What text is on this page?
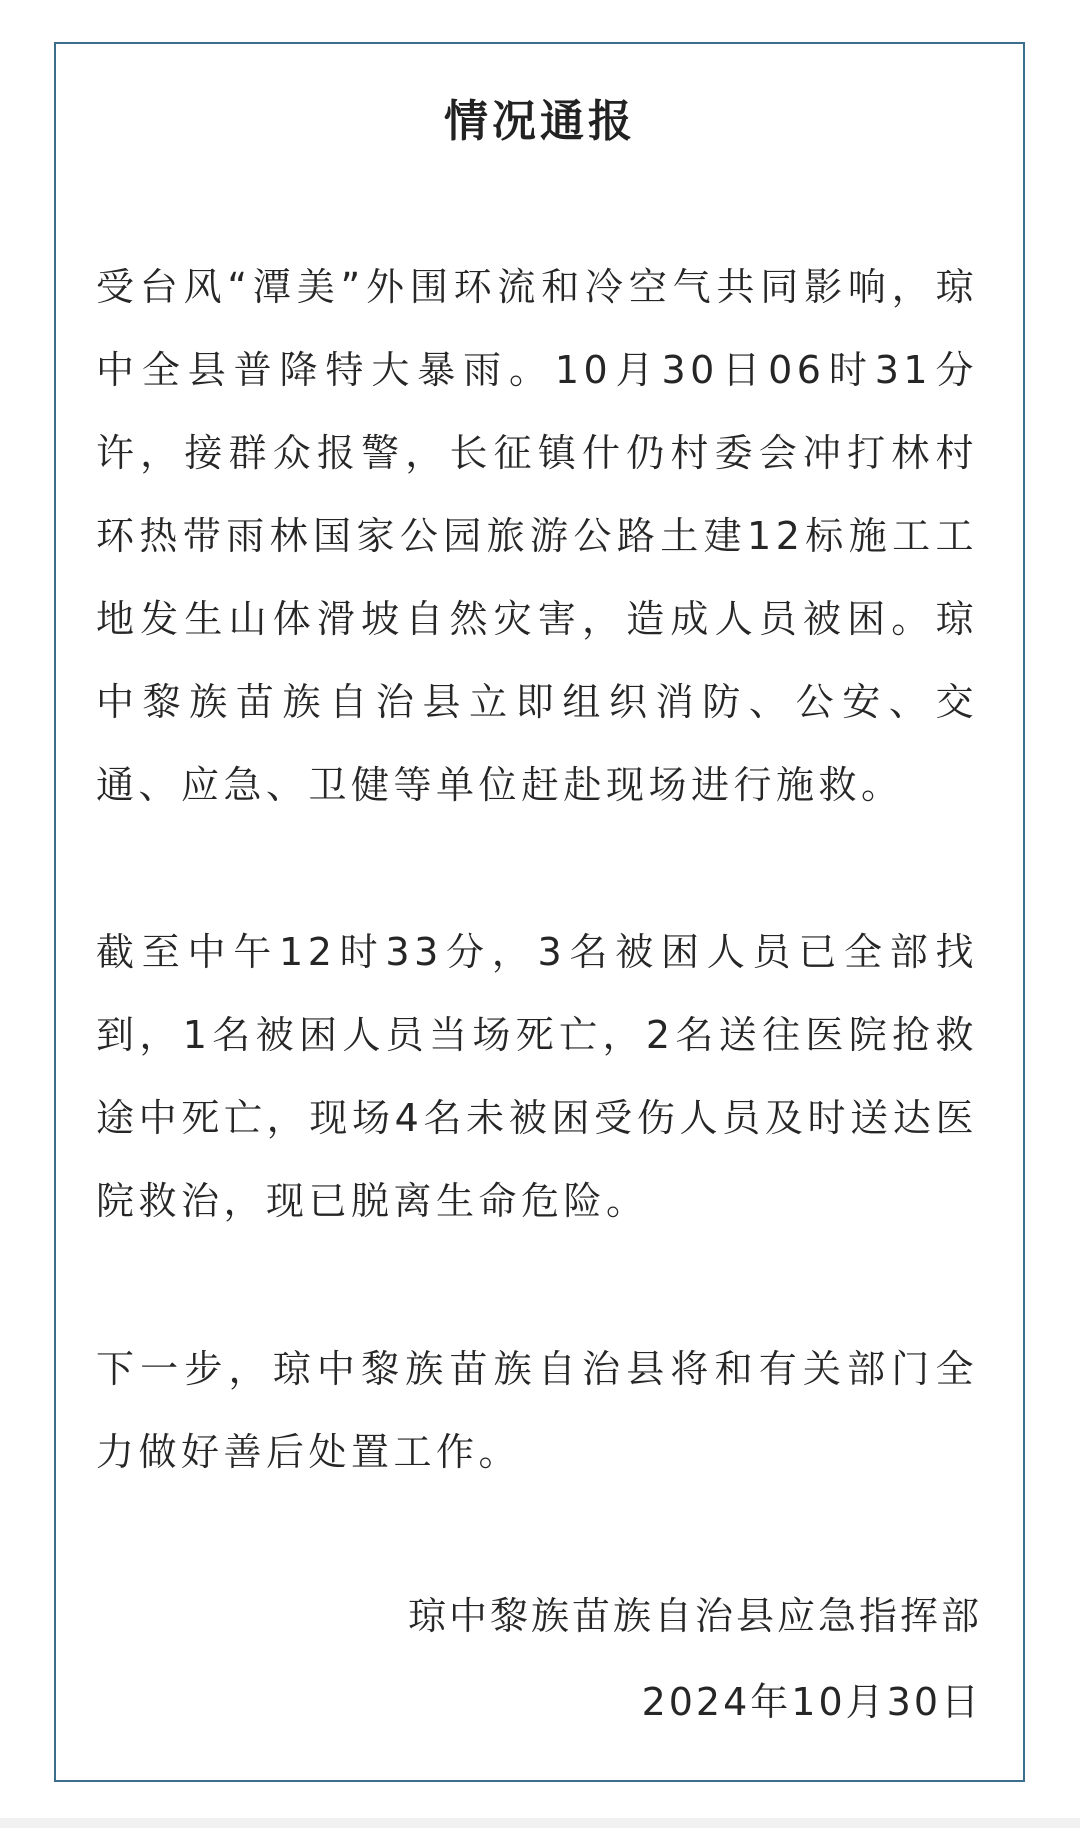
情况通报

受台风“潭美”外围环流和冷空气共同影响，琼中全县普降特大暴雨。10月30日06时31分许，接群众报警，长征镇什仍村委会冲打林村环热带雨林国家公园旅游公路土建12标施工工地发生山体滑坡自然灾害，造成人员被困。琼中黎族苗族自治县立即组织消防、公安、交通、应急、卫健等单位赶赴现场进行施救。

截至中午12时33分，3名被困人员已全部找到，1名被困人员当场死亡，2名送往医院抢救途中死亡，现场4名未被困受伤人员及时送达医院救治，现已脱离生命危险。

下一步，琼中黎族苗族自治县将和有关部门全力做好善后处置工作。

琼中黎族苗族自治县应急指挥部

2024年10月30日
